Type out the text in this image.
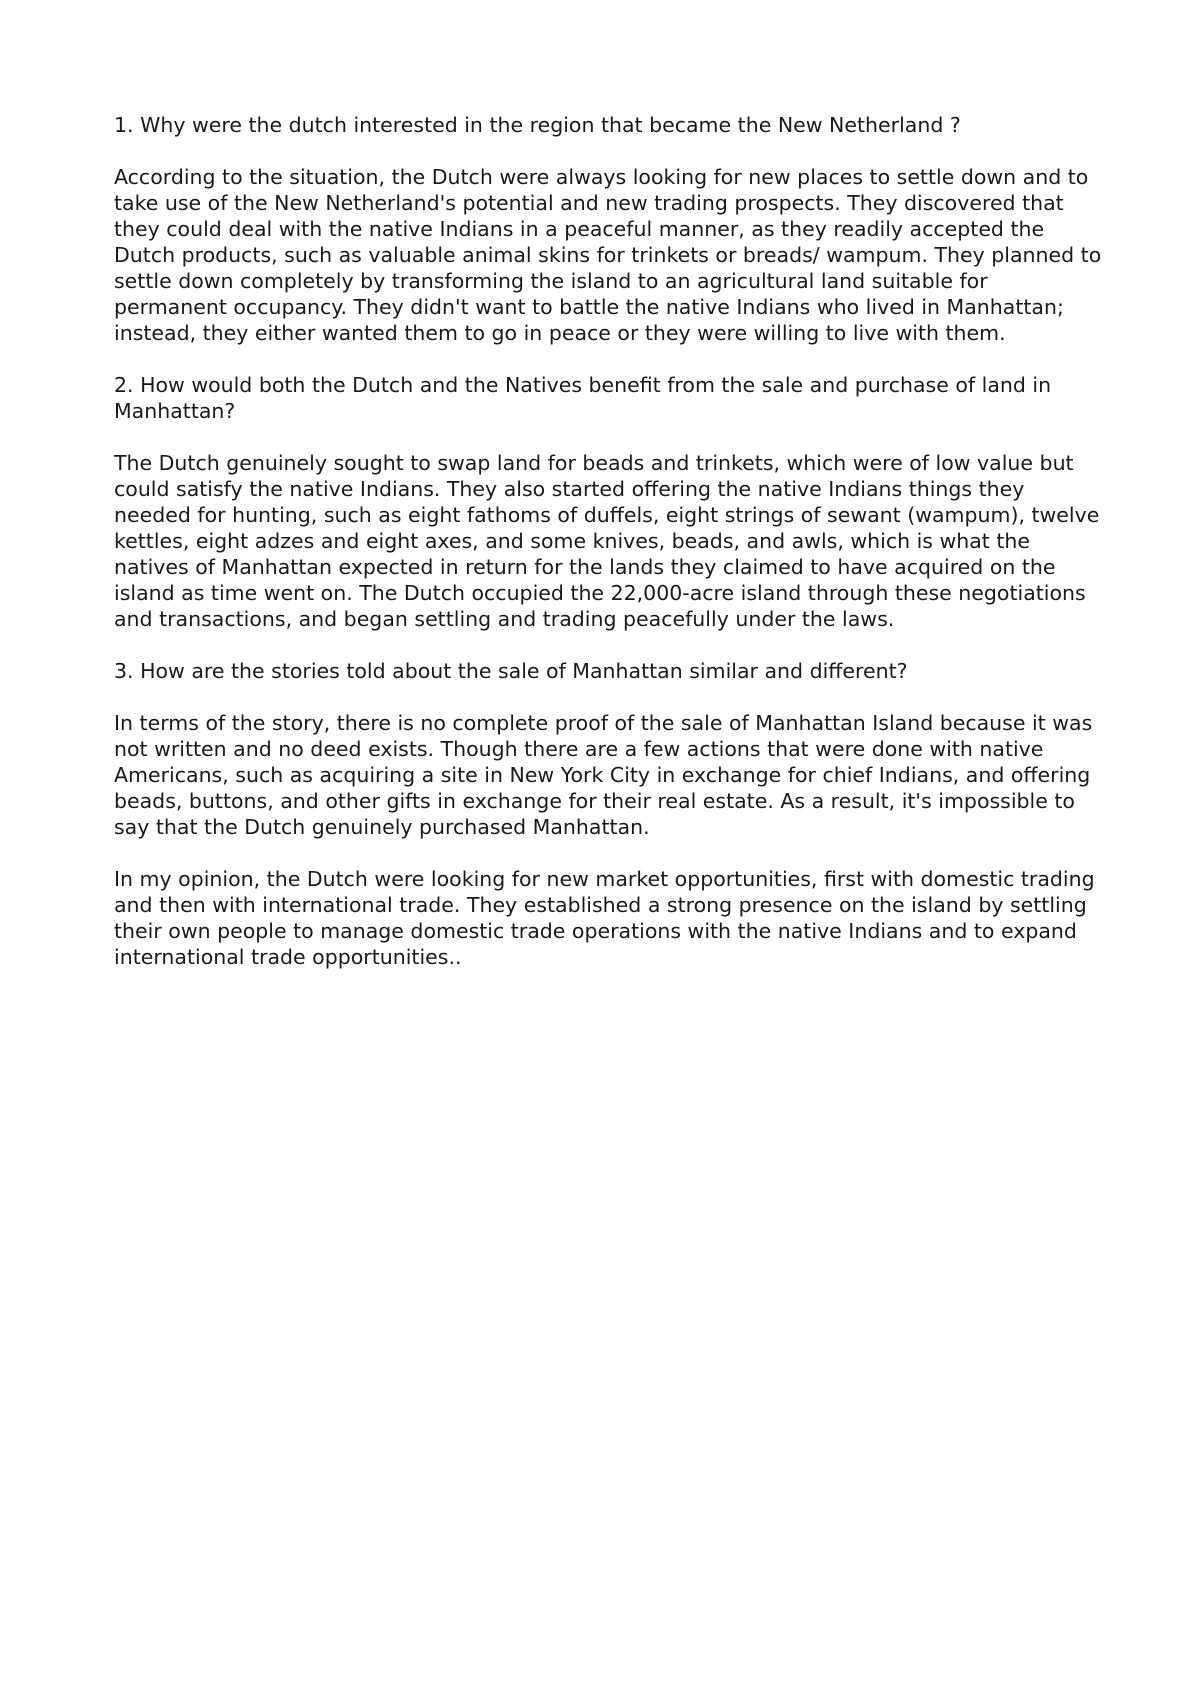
1. Why were the dutch interested in the region that became the New Netherland ?

According to the situation, the Dutch were always looking for new places to settle down and to take use of the New Netherland's potential and new trading prospects. They discovered that they could deal with the native Indians in a peaceful manner, as they readily accepted the Dutch products, such as valuable animal skins for trinkets or breads/ wampum. They planned to settle down completely by transforming the island to an agricultural land suitable for permanent occupancy. They didn't want to battle the native Indians who lived in Manhattan; instead, they either wanted them to go in peace or they were willing to live with them.

2. How would both the Dutch and the Natives benefit from the sale and purchase of land in Manhattan?

The Dutch genuinely sought to swap land for beads and trinkets, which were of low value but could satisfy the native Indians. They also started offering the native Indians things they needed for hunting, such as eight fathoms of duffels, eight strings of sewant (wampum), twelve kettles, eight adzes and eight axes, and some knives, beads, and awls, which is what the natives of Manhattan expected in return for the lands they claimed to have acquired on the island as time went on. The Dutch occupied the 22,000-acre island through these negotiations and transactions, and began settling and trading peacefully under the laws.

3. How are the stories told about the sale of Manhattan similar and different?

In terms of the story, there is no complete proof of the sale of Manhattan Island because it was not written and no deed exists. Though there are a few actions that were done with native Americans, such as acquiring a site in New York City in exchange for chief Indians, and offering beads, buttons, and other gifts in exchange for their real estate. As a result, it's impossible to say that the Dutch genuinely purchased Manhattan.

In my opinion, the Dutch were looking for new market opportunities, first with domestic trading and then with international trade. They established a strong presence on the island by settling their own people to manage domestic trade operations with the native Indians and to expand international trade opportunities..
